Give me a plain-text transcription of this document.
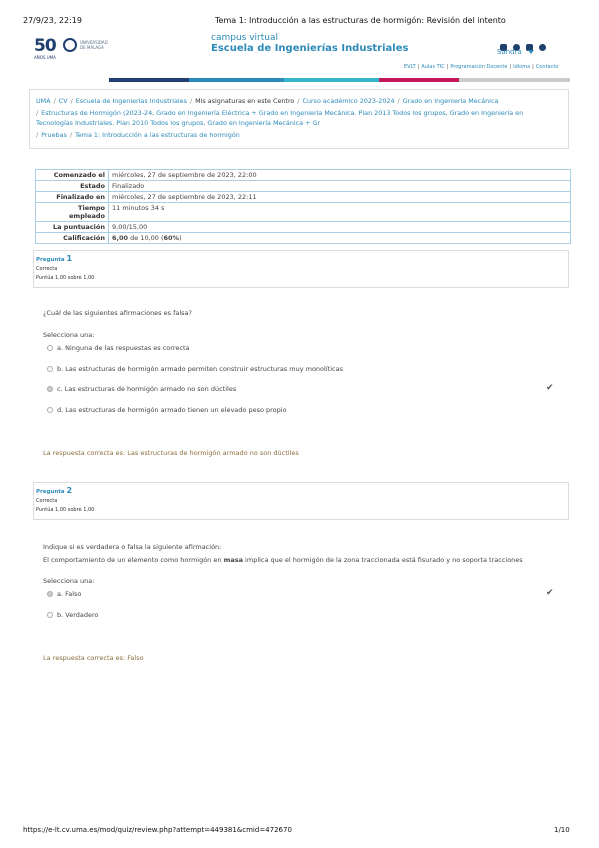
27/9/23, 22:19	Tema 1: Introducción a las estructuras de hormigón: Revisión del intento
50
AÑOS UMA
UNIVERSIDAD DE MÁLAGA
campus virtual
Escuela de Ingenierías Industriales	Sandra
EVLT | Aulas TIC | Programación Docente | Idioma | Contacto
UMA / CV / Escuela de Ingenierías Industriales / Mis asignaturas en este Centro / Curso académico 2023-2024 / Grado en Ingeniería Mecánica
/ Estructuras de Hormigón (2023-24, Grado en Ingeniería Eléctrica + Grado en Ingeniería Mecánica. Plan 2013 Todos los grupos, Grado en Ingeniería en Tecnologías Industriales. Plan 2010 Todos los grupos, Grado en Ingeniería Mecánica + Gr
/ Pruebas / Tema 1: Introducción a las estructuras de hormigón
Comenzado el	miércoles, 27 de septiembre de 2023, 22:00
Estado	Finalizado
Finalizado en	miércoles, 27 de septiembre de 2023, 22:11
Tiempo empleado	11 minutos 34 s
La puntuación	9,00/15,00
Calificación	6,00 de 10,00 (60%)
Pregunta 1
Correcta
Puntúa 1,00 sobre 1,00
¿Cuál de las siguientes afirmaciones es falsa?
Selecciona una:
a. Ninguna de las respuestas es correcta
b. Las estructuras de hormigón armado permiten construir estructuras muy monolíticas
c. Las estructuras de hormigón armado no son dúctiles	✔
d. Las estructuras de hormigón armado tienen un elevado peso propio
La respuesta correcta es: Las estructuras de hormigón armado no son dúctiles
Pregunta 2
Correcta
Puntúa 1,00 sobre 1,00
Indique si es verdadera o falsa la siguiente afirmación:
El comportamiento de un elemento como hormigón en masa implica que el hormigón de la zona traccionada está fisurado y no soporta tracciones
Selecciona una:
a. Falso	✔
b. Verdadero
La respuesta correcta es: Falso
https://e-lt.cv.uma.es/mod/quiz/review.php?attempt=449381&cmid=472670	1/10
